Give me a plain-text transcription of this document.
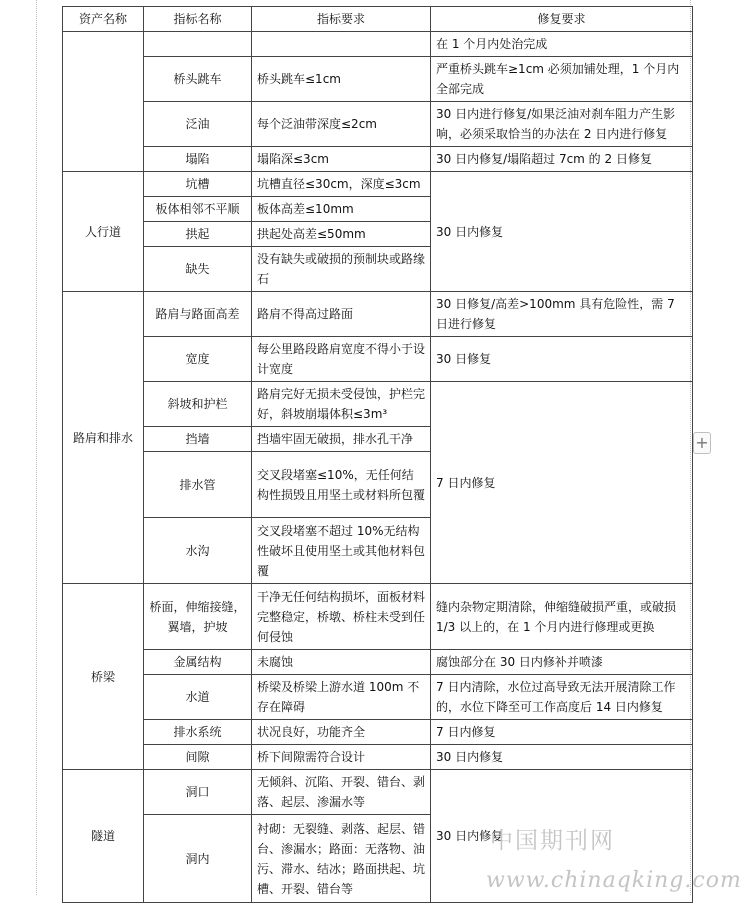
资产名称	指标名称	指标要求	修复要求
			在 1 个月内处治完成
	桥头跳车	桥头跳车≤1cm	严重桥头跳车≥1cm 必须加铺处理，1 个月内全部完成
	泛油	每个泛油带深度≤2cm	30 日内进行修复/如果泛油对刹车阻力产生影响，必须采取恰当的办法在 2 日内进行修复
	塌陷	塌陷深≤3cm	30 日内修复/塌陷超过 7cm 的 2 日修复
人行道	坑槽	坑槽直径≤30cm，深度≤3cm	30 日内修复
	板体相邻不平顺	板体高差≤10mm	
	拱起	拱起处高差≤50mm	
	缺失	没有缺失或破损的预制块或路缘石	
路肩和排水	路肩与路面高差	路肩不得高过路面	30 日修复/高差>100mm 具有危险性，需 7 日进行修复
	宽度	每公里路段路肩宽度不得小于设计宽度	30 日修复
	斜坡和护栏	路肩完好无损未受侵蚀，护栏完好，斜坡崩塌体积≤3m³	7 日内修复
	挡墙	挡墙牢固无破损，排水孔干净	
	排水管	交叉段堵塞≤10%，无任何结构性损毁且用坚土或材料所包覆	
	水沟	交叉段堵塞不超过 10%无结构性破坏且使用坚土或其他材料包覆	
桥梁	桥面，伸缩接缝，翼墙，护坡	干净无任何结构损坏，面板材料完整稳定，桥墩、桥柱未受到任何侵蚀	缝内杂物定期清除，伸缩缝破损严重，或破损 1/3 以上的，在 1 个月内进行修理或更换
	金属结构	未腐蚀	腐蚀部分在 30 日内修补并喷漆
	水道	桥梁及桥梁上游水道 100m 不存在障碍	7 日内清除，水位过高导致无法开展清除工作的，水位下降至可工作高度后 14 日内修复
	排水系统	状况良好，功能齐全	7 日内修复
	间隙	桥下间隙需符合设计	30 日内修复
隧道	洞口	无倾斜、沉陷、开裂、错台、剥落、起层、渗漏水等	30 日内修复
	洞内	衬砌：无裂缝、剥落、起层、错台、渗漏水；路面：无落物、油污、滞水、结冰；路面拱起、坑槽、开裂、错台等	
+
中国期刊网
www.chinaqking.com
